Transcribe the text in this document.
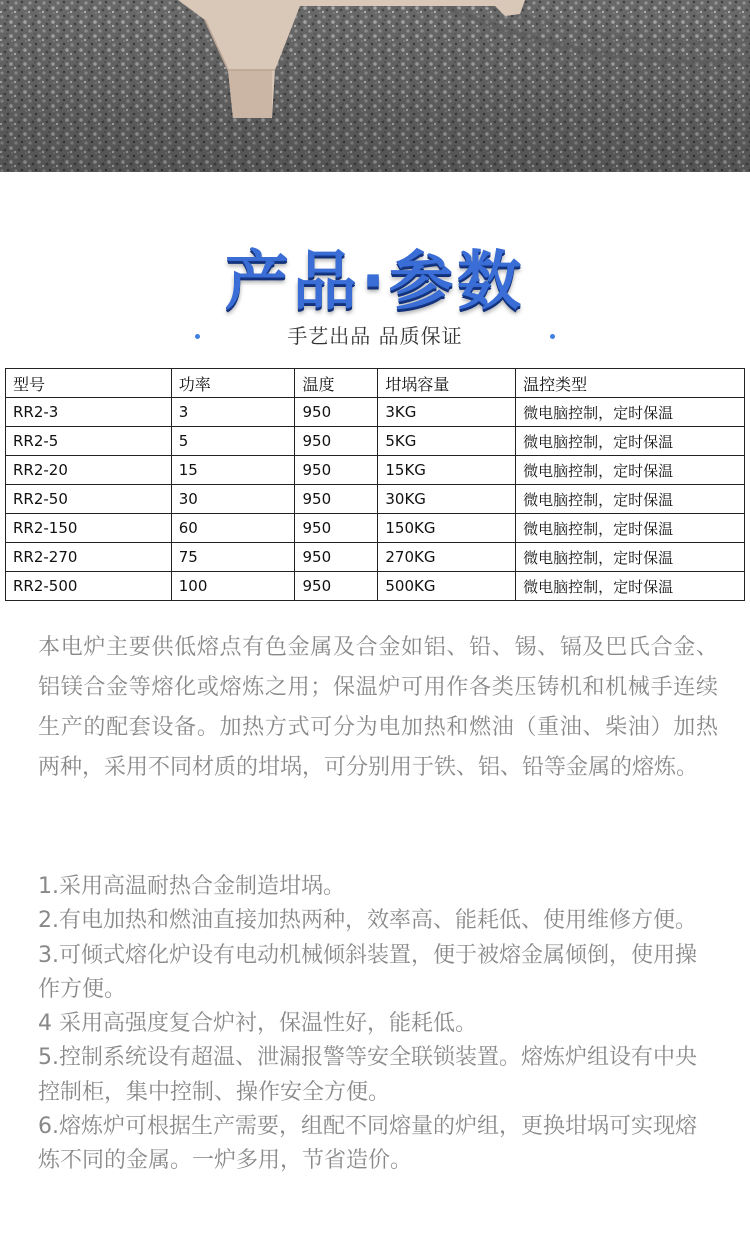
产品·参数
手艺出品 品质保证
型号	功率	温度	坩埚容量	温控类型
RR2-3	3	950	3KG	微电脑控制，定时保温
RR2-5	5	950	5KG	微电脑控制，定时保温
RR2-20	15	950	15KG	微电脑控制，定时保温
RR2-50	30	950	30KG	微电脑控制，定时保温
RR2-150	60	950	150KG	微电脑控制，定时保温
RR2-270	75	950	270KG	微电脑控制，定时保温
RR2-500	100	950	500KG	微电脑控制，定时保温

本电炉主要供低熔点有色金属及合金如铝、铅、锡、镉及巴氏合金、铝镁合金等熔化或熔炼之用；保温炉可用作各类压铸机和机械手连续生产的配套设备。加热方式可分为电加热和燃油（重油、柴油）加热两种，采用不同材质的坩埚，可分别用于铁、铝、铅等金属的熔炼。

1.采用高温耐热合金制造坩埚。
2.有电加热和燃油直接加热两种，效率高、能耗低、使用维修方便。
3.可倾式熔化炉设有电动机械倾斜装置，便于被熔金属倾倒，使用操作方便。
4 采用高强度复合炉衬，保温性好，能耗低。
5.控制系统设有超温、泄漏报警等安全联锁装置。熔炼炉组设有中央控制柜，集中控制、操作安全方便。
6.熔炼炉可根据生产需要，组配不同熔量的炉组，更换坩埚可实现熔炼不同的金属。一炉多用，节省造价。
